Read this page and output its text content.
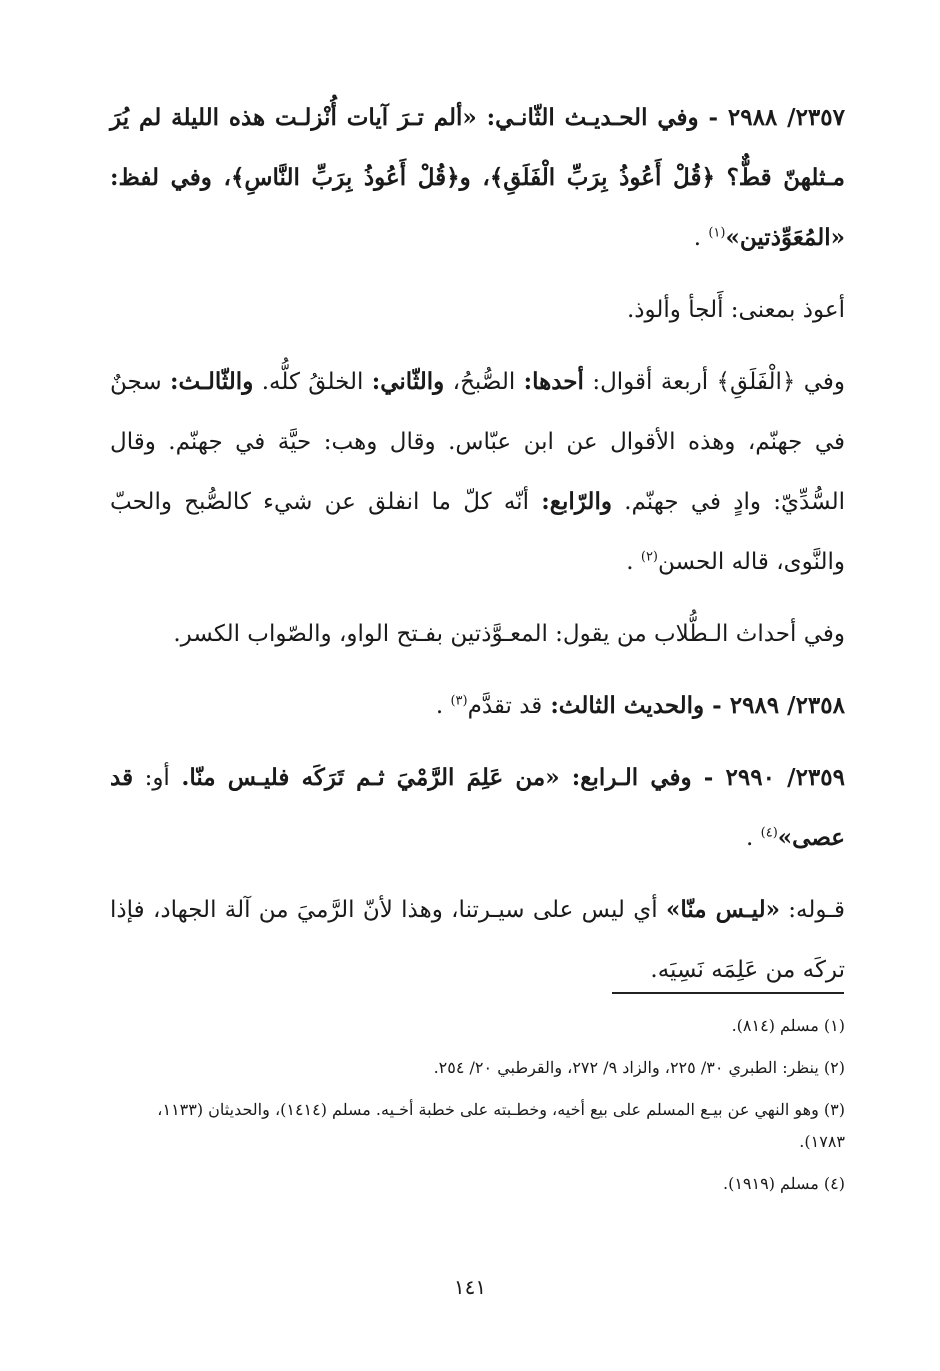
٢٣٥٧/ ٢٩٨٨ - وفي الحـديـث الثّانـي: «ألم تـرَ آيات أُنْزلـت هذه الليلة لم يُرَ مـثلهنّ قطٌّ؟ ﴿قُلْ أَعُوذُ بِرَبِّ الْفَلَقِ﴾، و﴿قُلْ أَعُوذُ بِرَبِّ النَّاسِ﴾، وفي لفظ: «المُعَوِّذتين»$^{(١)}$ .

أعوذ بمعنى: أَلجأ وألوذ.

وفي ﴿الْفَلَقِ﴾ أربعة أقوال: أحدها: الصُّبحُ، والثّاني: الخلقُ كلُّه. والثّالـث: سجنٌ في جهنّم، وهذه الأقوال عن ابن عبّاس. وقال وهب: حيَّة في جهنّم. وقال السُّدِّيّ: وادٍ في جهنّم. والرّابع: أنّه كلّ ما انفلق عن شيء كالصُّبح والحبّ والنَّوى، قاله الحسن$^{(٢)}$ .

وفي أحداث الـطُّلاب من يقول: المعـوَّذتين بفـتح الواو، والصّواب الكسر.

٢٣٥٨/ ٢٩٨٩ - والحديث الثالث: قد تقدَّم$^{(٣)}$ .

٢٣٥٩/ ٢٩٩٠ - وفي الـرابع: «من عَلِمَ الرَّمْيَ ثـم تَرَكَه فليـس منّا. أو: قد عصى»$^{(٤)}$ .

قـوله: «ليـس منّا» أي ليس على سيـرتنا، وهذا لأنّ الرَّميَ من آلة الجهاد، فإذا تركَه من عَلِمَه نَسِيَه.

(١) مسلم (٨١٤).

(٢) ينظر: الطبري ٣٠/ ٢٢٥، والزاد ٩/ ٢٧٢، والقرطبي ٢٠/ ٢٥٤.

(٣) وهو النهي عن بيـع المسلم على بيع أخيه، وخطـبته على خطبة أخـيه. مسلم (١٤١٤)، والحديثان (١١٣٣، ١٧٨٣).

(٤) مسلم (١٩١٩).

١٤١
